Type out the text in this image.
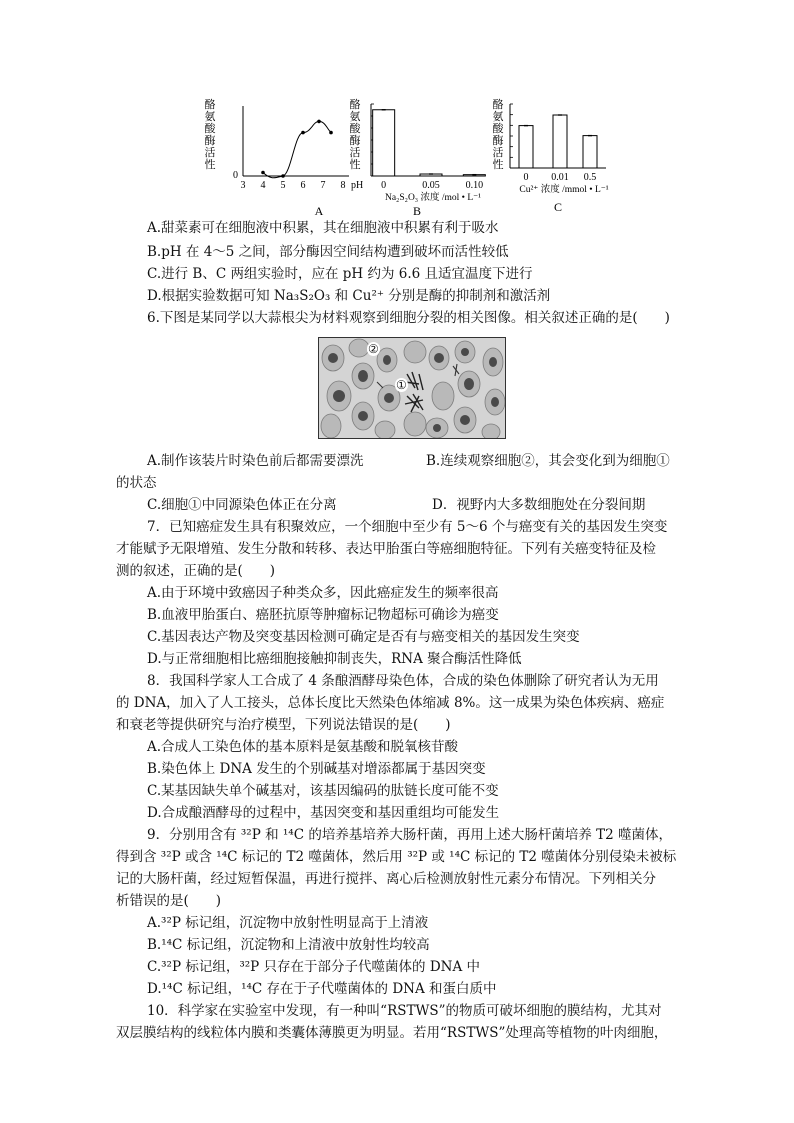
酪
氨
酸
酶
活
性
3 4 5 6 7 8 pH
0
A
酪
氨
酸
酶
活
性
0	0.05	0.10
Na₂S₂O₃ 浓度 /mol • L⁻¹
B
酪
氨
酸
酶
活
性
0 0.01 0.5
Cu²⁺ 浓度 /mmol • L⁻¹
C
A.甜菜素可在细胞液中积累，其在细胞液中积累有利于吸水
B.pH 在 4～5 之间，部分酶因空间结构遭到破坏而活性较低
C.进行 B、C 两组实验时，应在 pH 约为 6.6 且适宜温度下进行
D.根据实验数据可知 Na₃S₂O₃ 和 Cu²⁺ 分别是酶的抑制剂和激活剂
6.下图是某同学以大蒜根尖为材料观察到细胞分裂的相关图像。相关叙述正确的是(　　)
②
①
A.制作该装片时染色前后都需要漂洗	B.连续观察细胞②，其会变化到为细胞①
的状态
C.细胞①中同源染色体正在分离	D．视野内大多数细胞处在分裂间期
7．已知癌症发生具有积聚效应，一个细胞中至少有 5～6 个与癌变有关的基因发生突变
才能赋予无限增殖、发生分散和转移、表达甲胎蛋白等癌细胞特征。下列有关癌变特征及检
测的叙述，正确的是(　　)
A.由于环境中致癌因子种类众多，因此癌症发生的频率很高
B.血液甲胎蛋白、癌胚抗原等肿瘤标记物超标可确诊为癌变
C.基因表达产物及突变基因检测可确定是否有与癌变相关的基因发生突变
D.与正常细胞相比癌细胞接触抑制丧失，RNA 聚合酶活性降低
8．我国科学家人工合成了 4 条酿酒酵母染色体，合成的染色体删除了研究者认为无用
的 DNA，加入了人工接头，总体长度比天然染色体缩减 8%。这一成果为染色体疾病、癌症
和衰老等提供研究与治疗模型，下列说法错误的是(　　)
A.合成人工染色体的基本原料是氨基酸和脱氧核苷酸
B.染色体上 DNA 发生的个别碱基对增添都属于基因突变
C.某基因缺失单个碱基对，该基因编码的肽链长度可能不变
D.合成酿酒酵母的过程中，基因突变和基因重组均可能发生
9．分别用含有 ³²P 和 ¹⁴C 的培养基培养大肠杆菌，再用上述大肠杆菌培养 T2 噬菌体，
得到含 ³²P 或含 ¹⁴C 标记的 T2 噬菌体，然后用 ³²P 或 ¹⁴C 标记的 T2 噬菌体分别侵染未被标
记的大肠杆菌，经过短暂保温，再进行搅拌、离心后检测放射性元素分布情况。下列相关分
析错误的是(　　)
A.³²P 标记组，沉淀物中放射性明显高于上清液
B.¹⁴C 标记组，沉淀物和上清液中放射性均较高
C.³²P 标记组，³²P 只存在于部分子代噬菌体的 DNA 中
D.¹⁴C 标记组，¹⁴C 存在于子代噬菌体的 DNA 和蛋白质中
10．科学家在实验室中发现，有一种叫“RSTWS”的物质可破坏细胞的膜结构，尤其对
双层膜结构的线粒体内膜和类囊体薄膜更为明显。若用“RSTWS”处理高等植物的叶肉细胞，
